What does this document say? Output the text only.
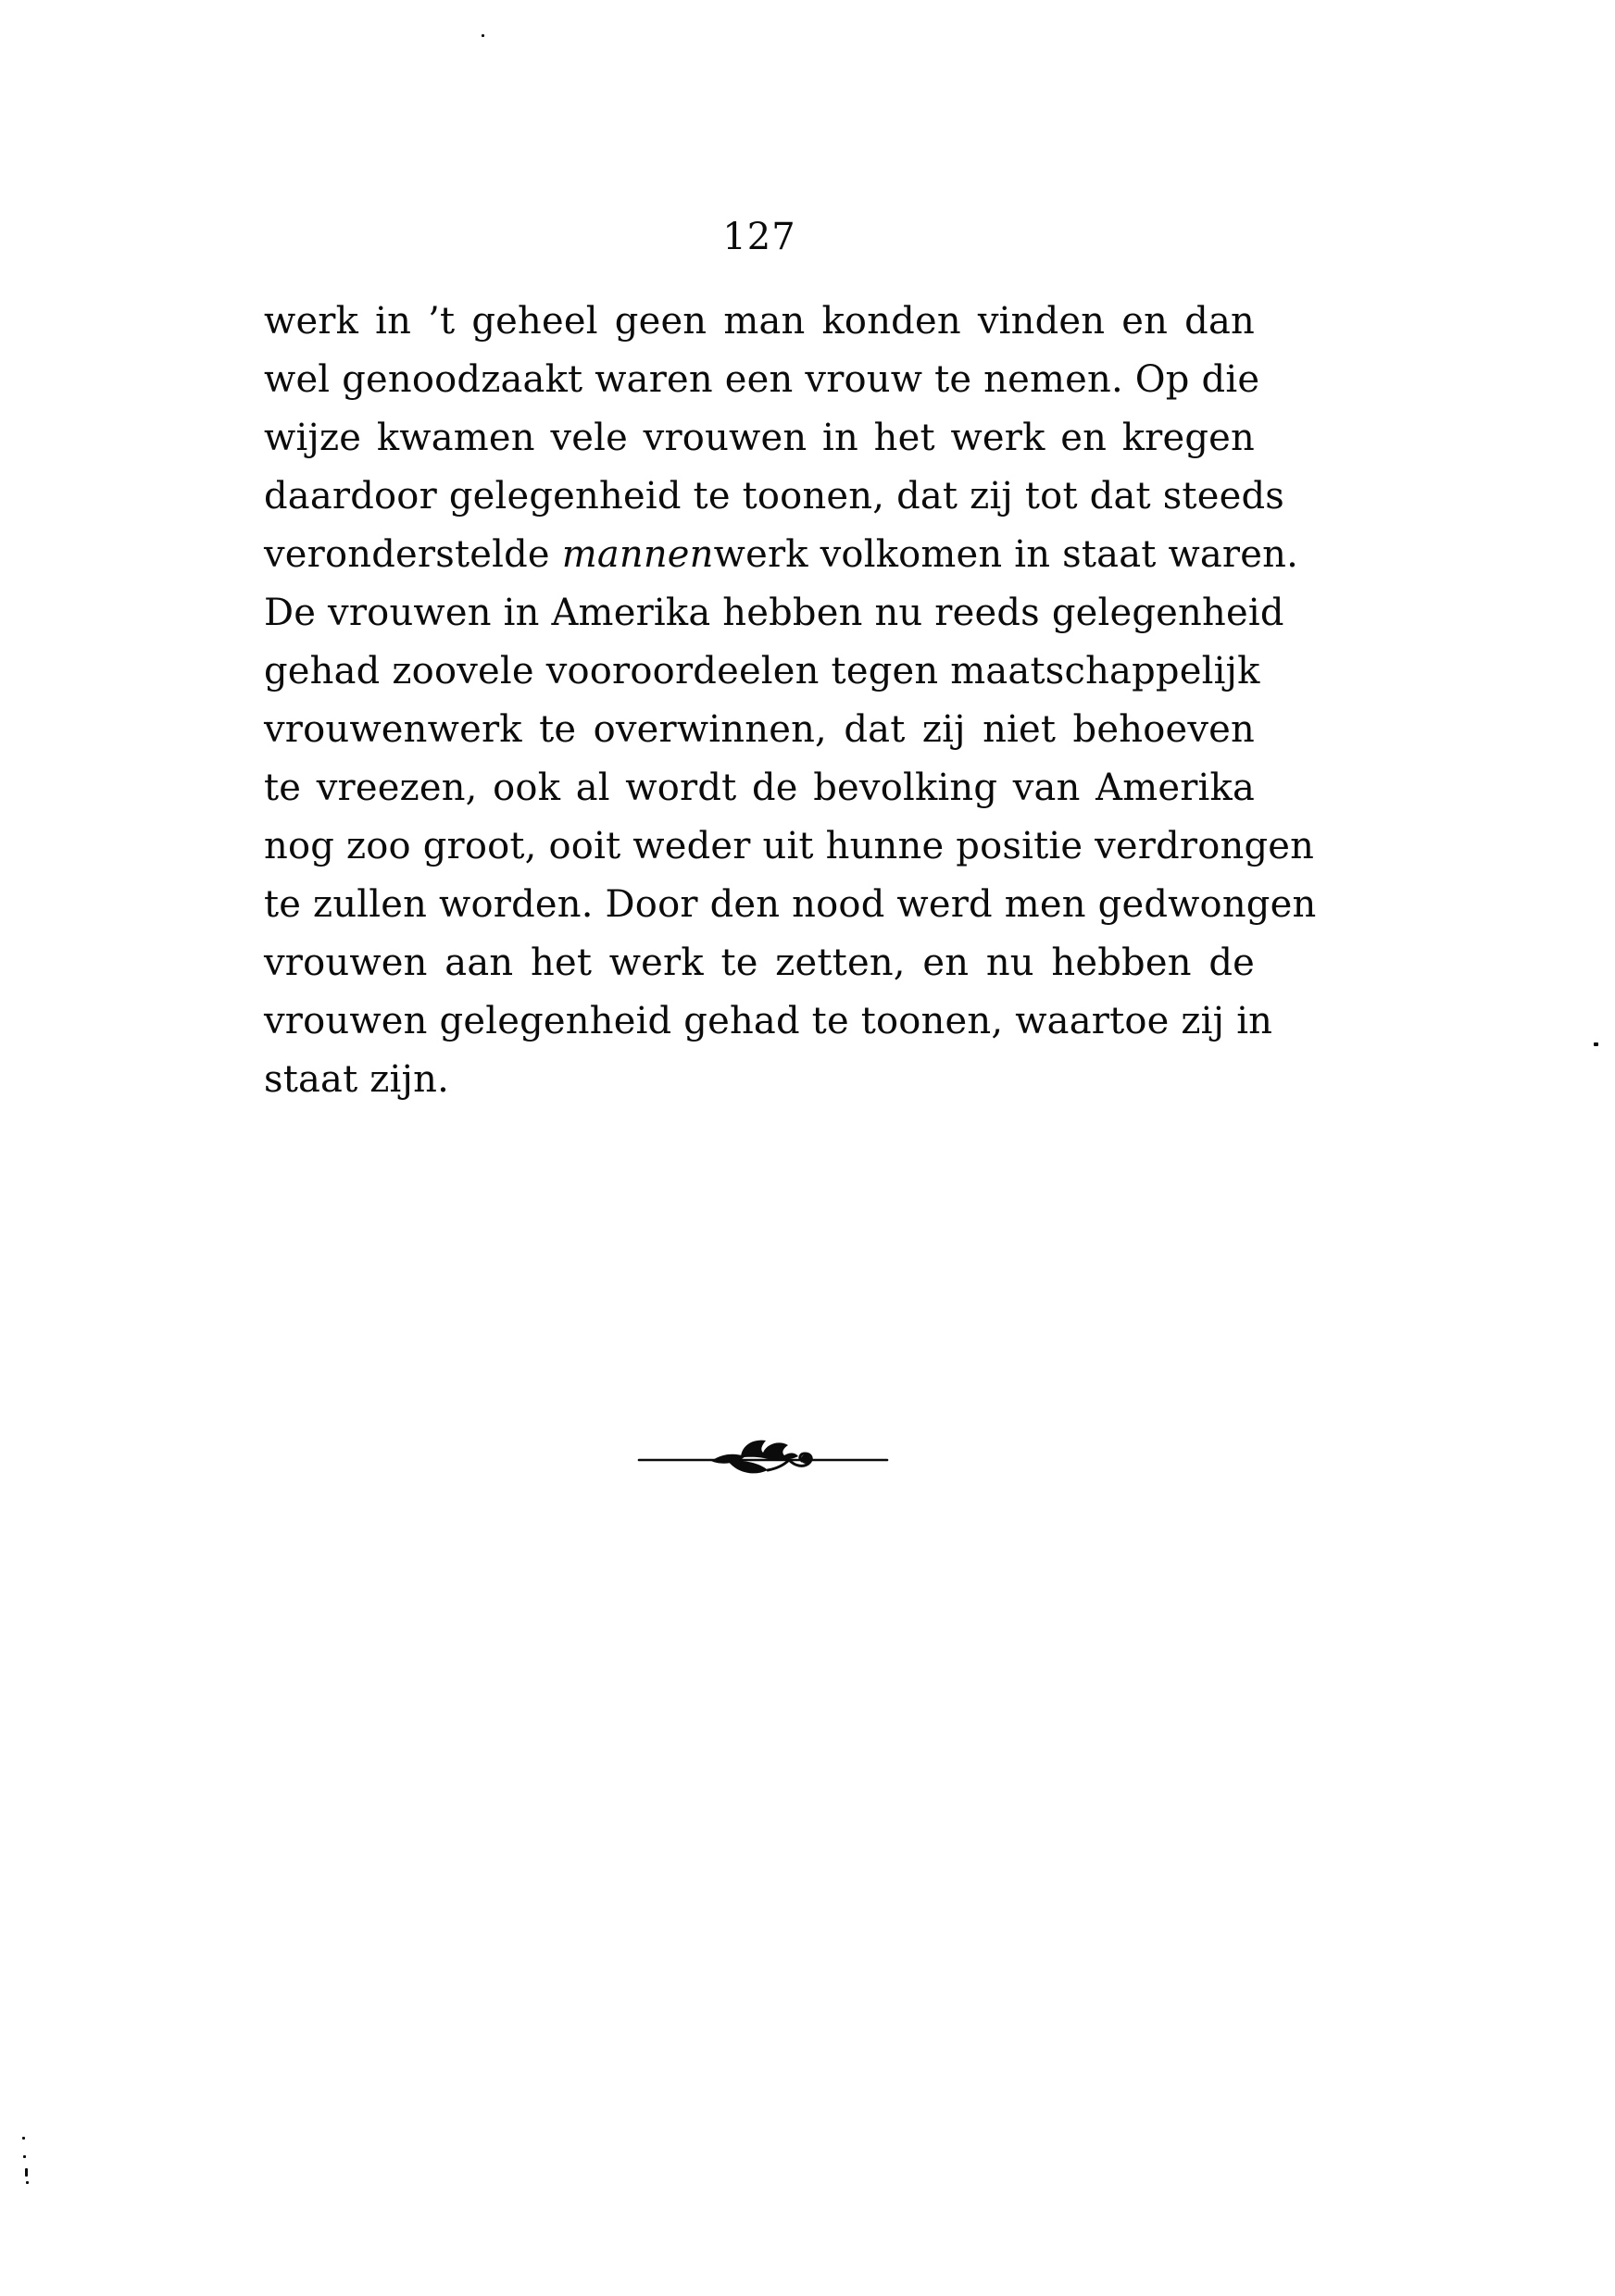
127
werk in ’t geheel geen man konden vinden en dan
wel genoodzaakt waren een vrouw te nemen. Op die
wijze kwamen vele vrouwen in het werk en kregen
daardoor gelegenheid te toonen, dat zij tot dat steeds
veronderstelde mannenwerk volkomen in staat waren.
De vrouwen in Amerika hebben nu reeds gelegenheid
gehad zoovele vooroordeelen tegen maatschappelijk
vrouwenwerk te overwinnen, dat zij niet behoeven
te vreezen, ook al wordt de bevolking van Amerika
nog zoo groot, ooit weder uit hunne positie verdrongen
te zullen worden. Door den nood werd men gedwongen
vrouwen aan het werk te zetten, en nu hebben de
vrouwen gelegenheid gehad te toonen, waartoe zij in
staat zijn.
